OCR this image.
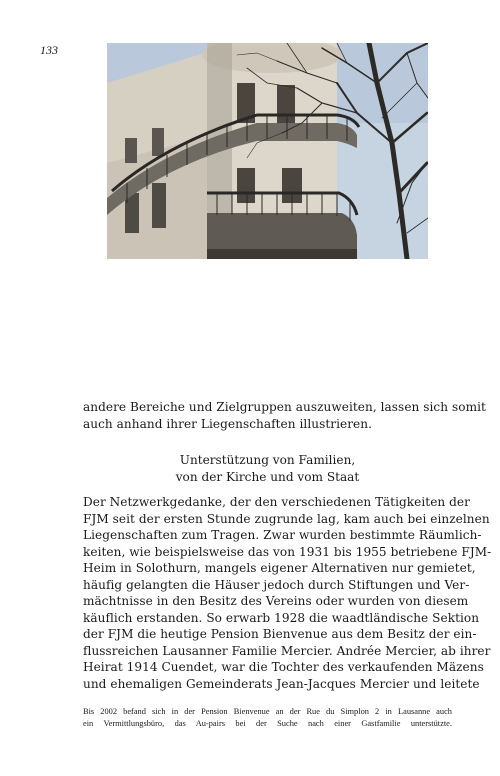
133
andere Bereiche und Zielgruppen auszuweiten, lassen sich somit
auch anhand ihrer Liegenschaften illustrieren.
Unterstützung von Familien,
von der Kirche und vom Staat
Der Netzwerkgedanke, der den verschiedenen Tätigkeiten der
FJM seit der ersten Stunde zugrunde lag, kam auch bei einzelnen
Liegenschaften zum Tragen. Zwar wurden bestimmte Räumlich-
keiten, wie beispielsweise das von 1931 bis 1955 betriebene FJM-
Heim in Solothurn, mangels eigener Alternativen nur gemietet,
häufig gelangten die Häuser jedoch durch Stiftungen und Ver-
mächtnisse in den Besitz des Vereins oder wurden von diesem
käuflich erstanden. So erwarb 1928 die waadtländische Sektion
der FJM die heutige Pension Bienvenue aus dem Besitz der ein-
flussreichen Lausanner Familie Mercier. Andrée Mercier, ab ihrer
Heirat 1914 Cuendet, war die Tochter des verkaufenden Mäzens
und ehemaligen Gemeinderats Jean-Jacques Mercier und leitete
Bis 2002 befand sich in der Pension Bienvenue an der Rue du Simplon 2 in Lausanne auch
ein Vermittlungsbüro, das Au-pairs bei der Suche nach einer Gastfamilie unterstützte.
